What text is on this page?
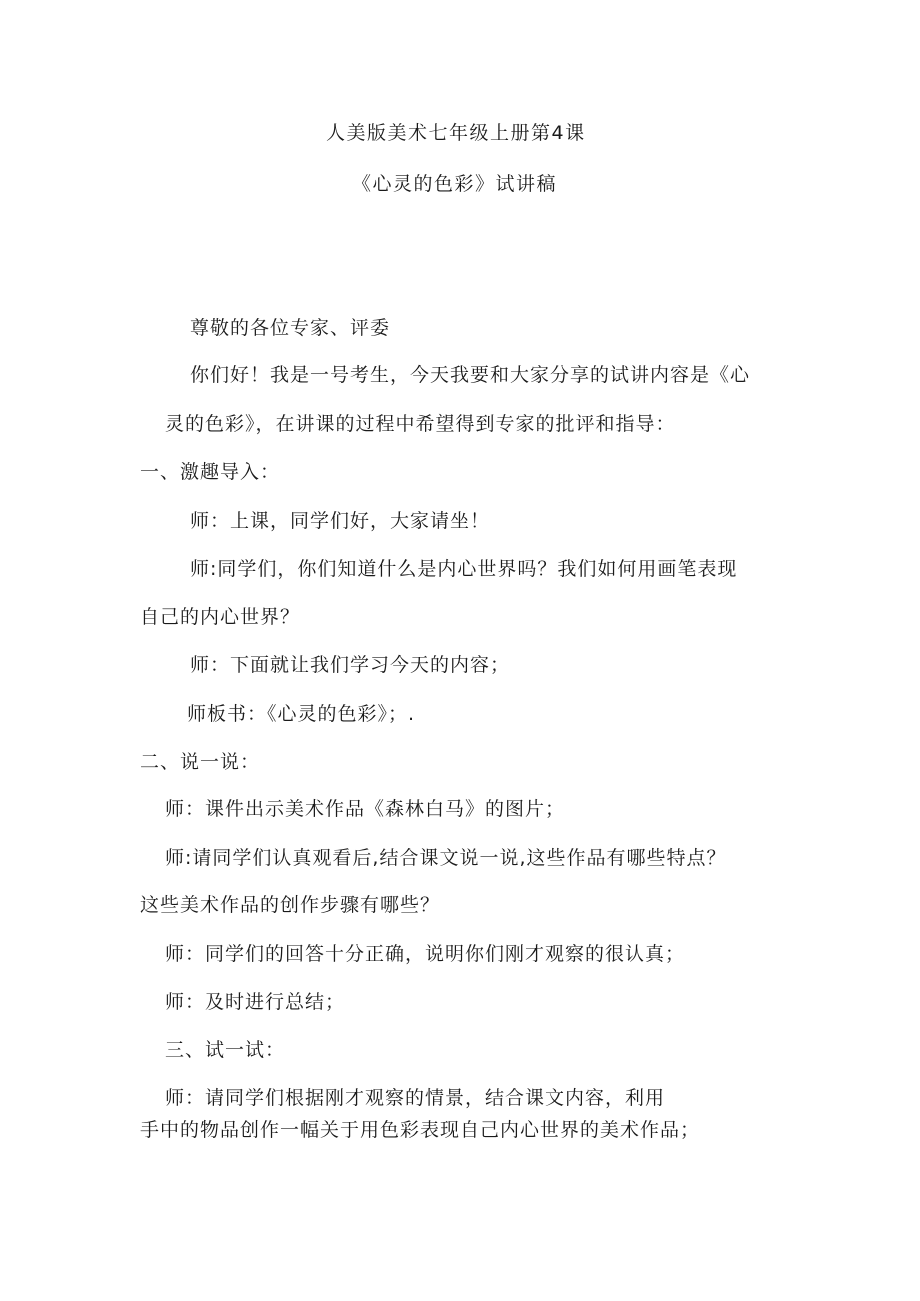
人美版美术七年级上册第4课
《心灵的色彩》试讲稿
尊敬的各位专家、评委
你们好！我是一号考生，今天我要和大家分享的试讲内容是《心
灵的色彩》，在讲课的过程中希望得到专家的批评和指导：
一、激趣导入：
师：上课，同学们好，大家请坐！
师:同学们，你们知道什么是内心世界吗？我们如何用画笔表现
自己的内心世界？
师：下面就让我们学习今天的内容；
师板书：《心灵的色彩》；.
二、说一说：
师：课件出示美术作品《森林白马》的图片；
师:请同学们认真观看后,结合课文说一说,这些作品有哪些特点？
这些美术作品的创作步骤有哪些？
师：同学们的回答十分正确，说明你们刚才观察的很认真；
师：及时进行总结；
三、试一试：
师：请同学们根据刚才观察的情景，结合课文内容，利用
手中的物品创作一幅关于用色彩表现自己内心世界的美术作品；
